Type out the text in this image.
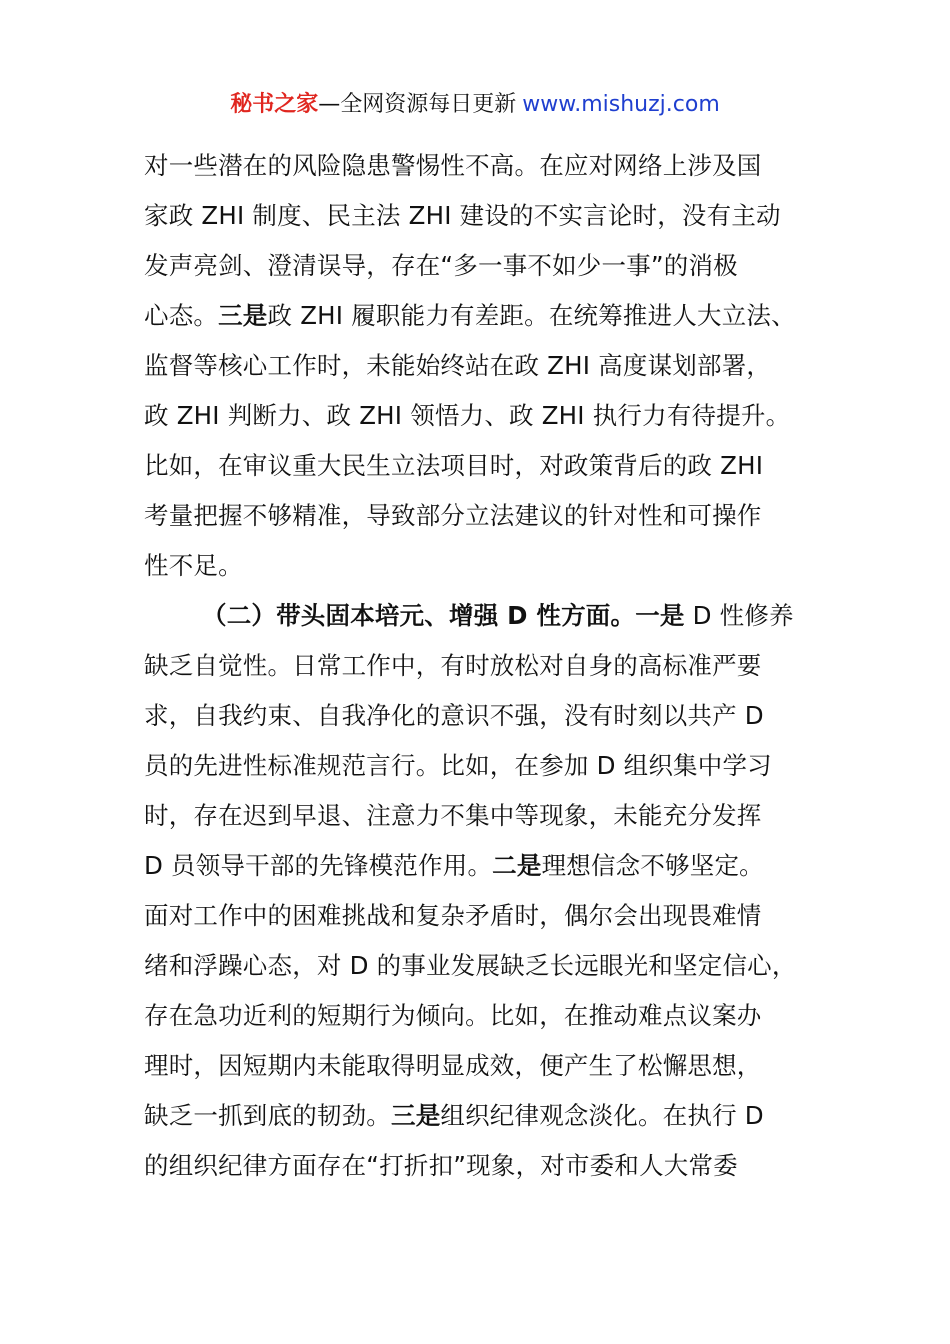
秘书之家—全网资源每日更新 www.mishuzj.com
对一些潜在的风险隐患警惕性不高。在应对网络上涉及国
家政 ZHI 制度、民主法 ZHI 建设的不实言论时，没有主动
发声亮剑、澄清误导，存在“多一事不如少一事”的消极
心态。三是政 ZHI 履职能力有差距。在统筹推进人大立法、
监督等核心工作时，未能始终站在政 ZHI 高度谋划部署，
政 ZHI 判断力、政 ZHI 领悟力、政 ZHI 执行力有待提升。
比如，在审议重大民生立法项目时，对政策背后的政 ZHI
考量把握不够精准，导致部分立法建议的针对性和可操作
性不足。
（二）带头固本培元、增强 D 性方面。一是 D 性修养
缺乏自觉性。日常工作中，有时放松对自身的高标准严要
求，自我约束、自我净化的意识不强，没有时刻以共产 D
员的先进性标准规范言行。比如，在参加 D 组织集中学习
时，存在迟到早退、注意力不集中等现象，未能充分发挥
D 员领导干部的先锋模范作用。二是理想信念不够坚定。
面对工作中的困难挑战和复杂矛盾时，偶尔会出现畏难情
绪和浮躁心态，对 D 的事业发展缺乏长远眼光和坚定信心，
存在急功近利的短期行为倾向。比如，在推动难点议案办
理时，因短期内未能取得明显成效，便产生了松懈思想，
缺乏一抓到底的韧劲。三是组织纪律观念淡化。在执行 D
的组织纪律方面存在“打折扣”现象，对市委和人大常委
